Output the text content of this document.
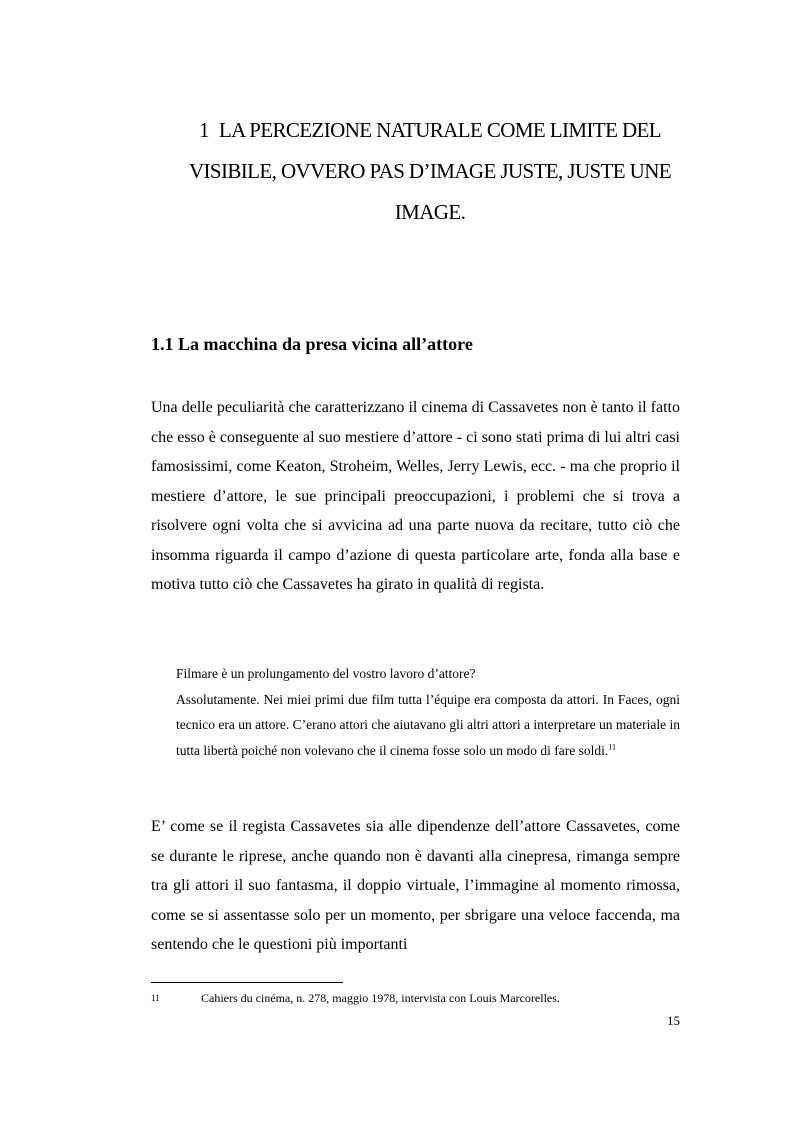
1 LA PERCEZIONE NATURALE COME LIMITE DEL
VISIBILE, OVVERO PAS D’IMAGE JUSTE, JUSTE UNE
IMAGE.
1.1 La macchina da presa vicina all’attore

Una delle peculiarità che caratterizzano il cinema di Cassavetes non è tanto il fatto che esso è conseguente al suo mestiere d’attore - ci sono stati prima di lui altri casi famosissimi, come Keaton, Stroheim, Welles, Jerry Lewis, ecc. - ma che proprio il mestiere d’attore, le sue principali preoccupazioni, i problemi che si trova a risolvere ogni volta che si avvicina ad una parte nuova da recitare, tutto ciò che insomma riguarda il campo d’azione di questa particolare arte, fonda alla base e motiva tutto ciò che Cassavetes ha girato in qualità di regista.

Filmare è un prolungamento del vostro lavoro d’attore?

Assolutamente. Nei miei primi due film tutta l’équipe era composta da attori. In Faces, ogni tecnico era un attore. C’erano attori che aiutavano gli altri attori a interpretare un materiale in tutta libertà poiché non volevano che il cinema fosse solo un modo di fare soldi.$^{11}$

E’ come se il regista Cassavetes sia alle dipendenze dell’attore Cassavetes, come se durante le riprese, anche quando non è davanti alla cinepresa, rimanga sempre tra gli attori il suo fantasma, il doppio virtuale, l’immagine al momento rimossa, come se si assentasse solo per un momento, per sbrigare una veloce faccenda, ma sentendo che le questioni più importanti

11	Cahiers du cinéma, n. 278, maggio 1978, intervista con Louis Marcorelles.
15
